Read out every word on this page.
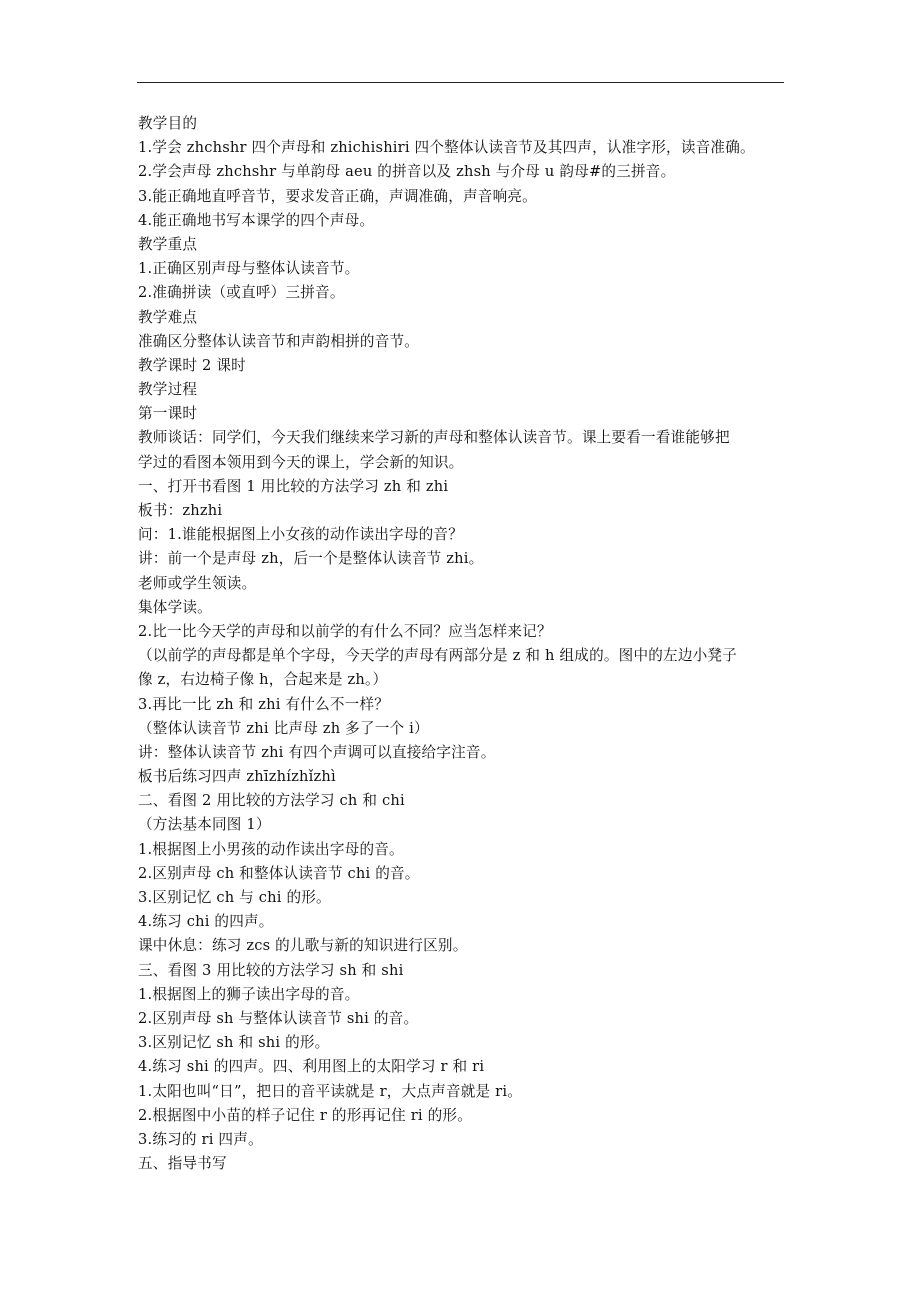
教学目的
1.学会 zhchshr 四个声母和 zhichishiri 四个整体认读音节及其四声，认准字形，读音准确。
2.学会声母 zhchshr 与单韵母 aeu 的拼音以及 zhsh 与介母 u 韵母#的三拼音。
3.能正确地直呼音节，要求发音正确，声调准确，声音响亮。
4.能正确地书写本课学的四个声母。
教学重点
1.正确区别声母与整体认读音节。
2.准确拼读（或直呼）三拼音。
教学难点
准确区分整体认读音节和声韵相拼的音节。
教学课时 2 课时
教学过程
第一课时
教师谈话：同学们，今天我们继续来学习新的声母和整体认读音节。课上要看一看谁能够把
学过的看图本领用到今天的课上，学会新的知识。
一、打开书看图 1 用比较的方法学习 zh 和 zhi
板书：zhzhi
问：1.谁能根据图上小女孩的动作读出字母的音？
讲：前一个是声母 zh，后一个是整体认读音节 zhi。
老师或学生领读。
集体学读。
2.比一比今天学的声母和以前学的有什么不同？应当怎样来记？
（以前学的声母都是单个字母，今天学的声母有两部分是 z 和 h 组成的。图中的左边小凳子
像 z，右边椅子像 h，合起来是 zh。）
3.再比一比 zh 和 zhi 有什么不一样？
（整体认读音节 zhi 比声母 zh 多了一个 i）
讲：整体认读音节 zhi 有四个声调可以直接给字注音。
板书后练习四声 zhīzhízhǐzhì
二、看图 2 用比较的方法学习 ch 和 chi
（方法基本同图 1）
1.根据图上小男孩的动作读出字母的音。
2.区别声母 ch 和整体认读音节 chi 的音。
3.区别记忆 ch 与 chi 的形。
4.练习 chi 的四声。
课中休息：练习 zcs 的儿歌与新的知识进行区别。
三、看图 3 用比较的方法学习 sh 和 shi
1.根据图上的狮子读出字母的音。
2.区别声母 sh 与整体认读音节 shi 的音。
3.区别记忆 sh 和 shi 的形。
4.练习 shi 的四声。四、利用图上的太阳学习 r 和 ri
1.太阳也叫“日”，把日的音平读就是 r，大点声音就是 ri。
2.根据图中小苗的样子记住 r 的形再记住 ri 的形。
3.练习的 ri 四声。
五、指导书写
